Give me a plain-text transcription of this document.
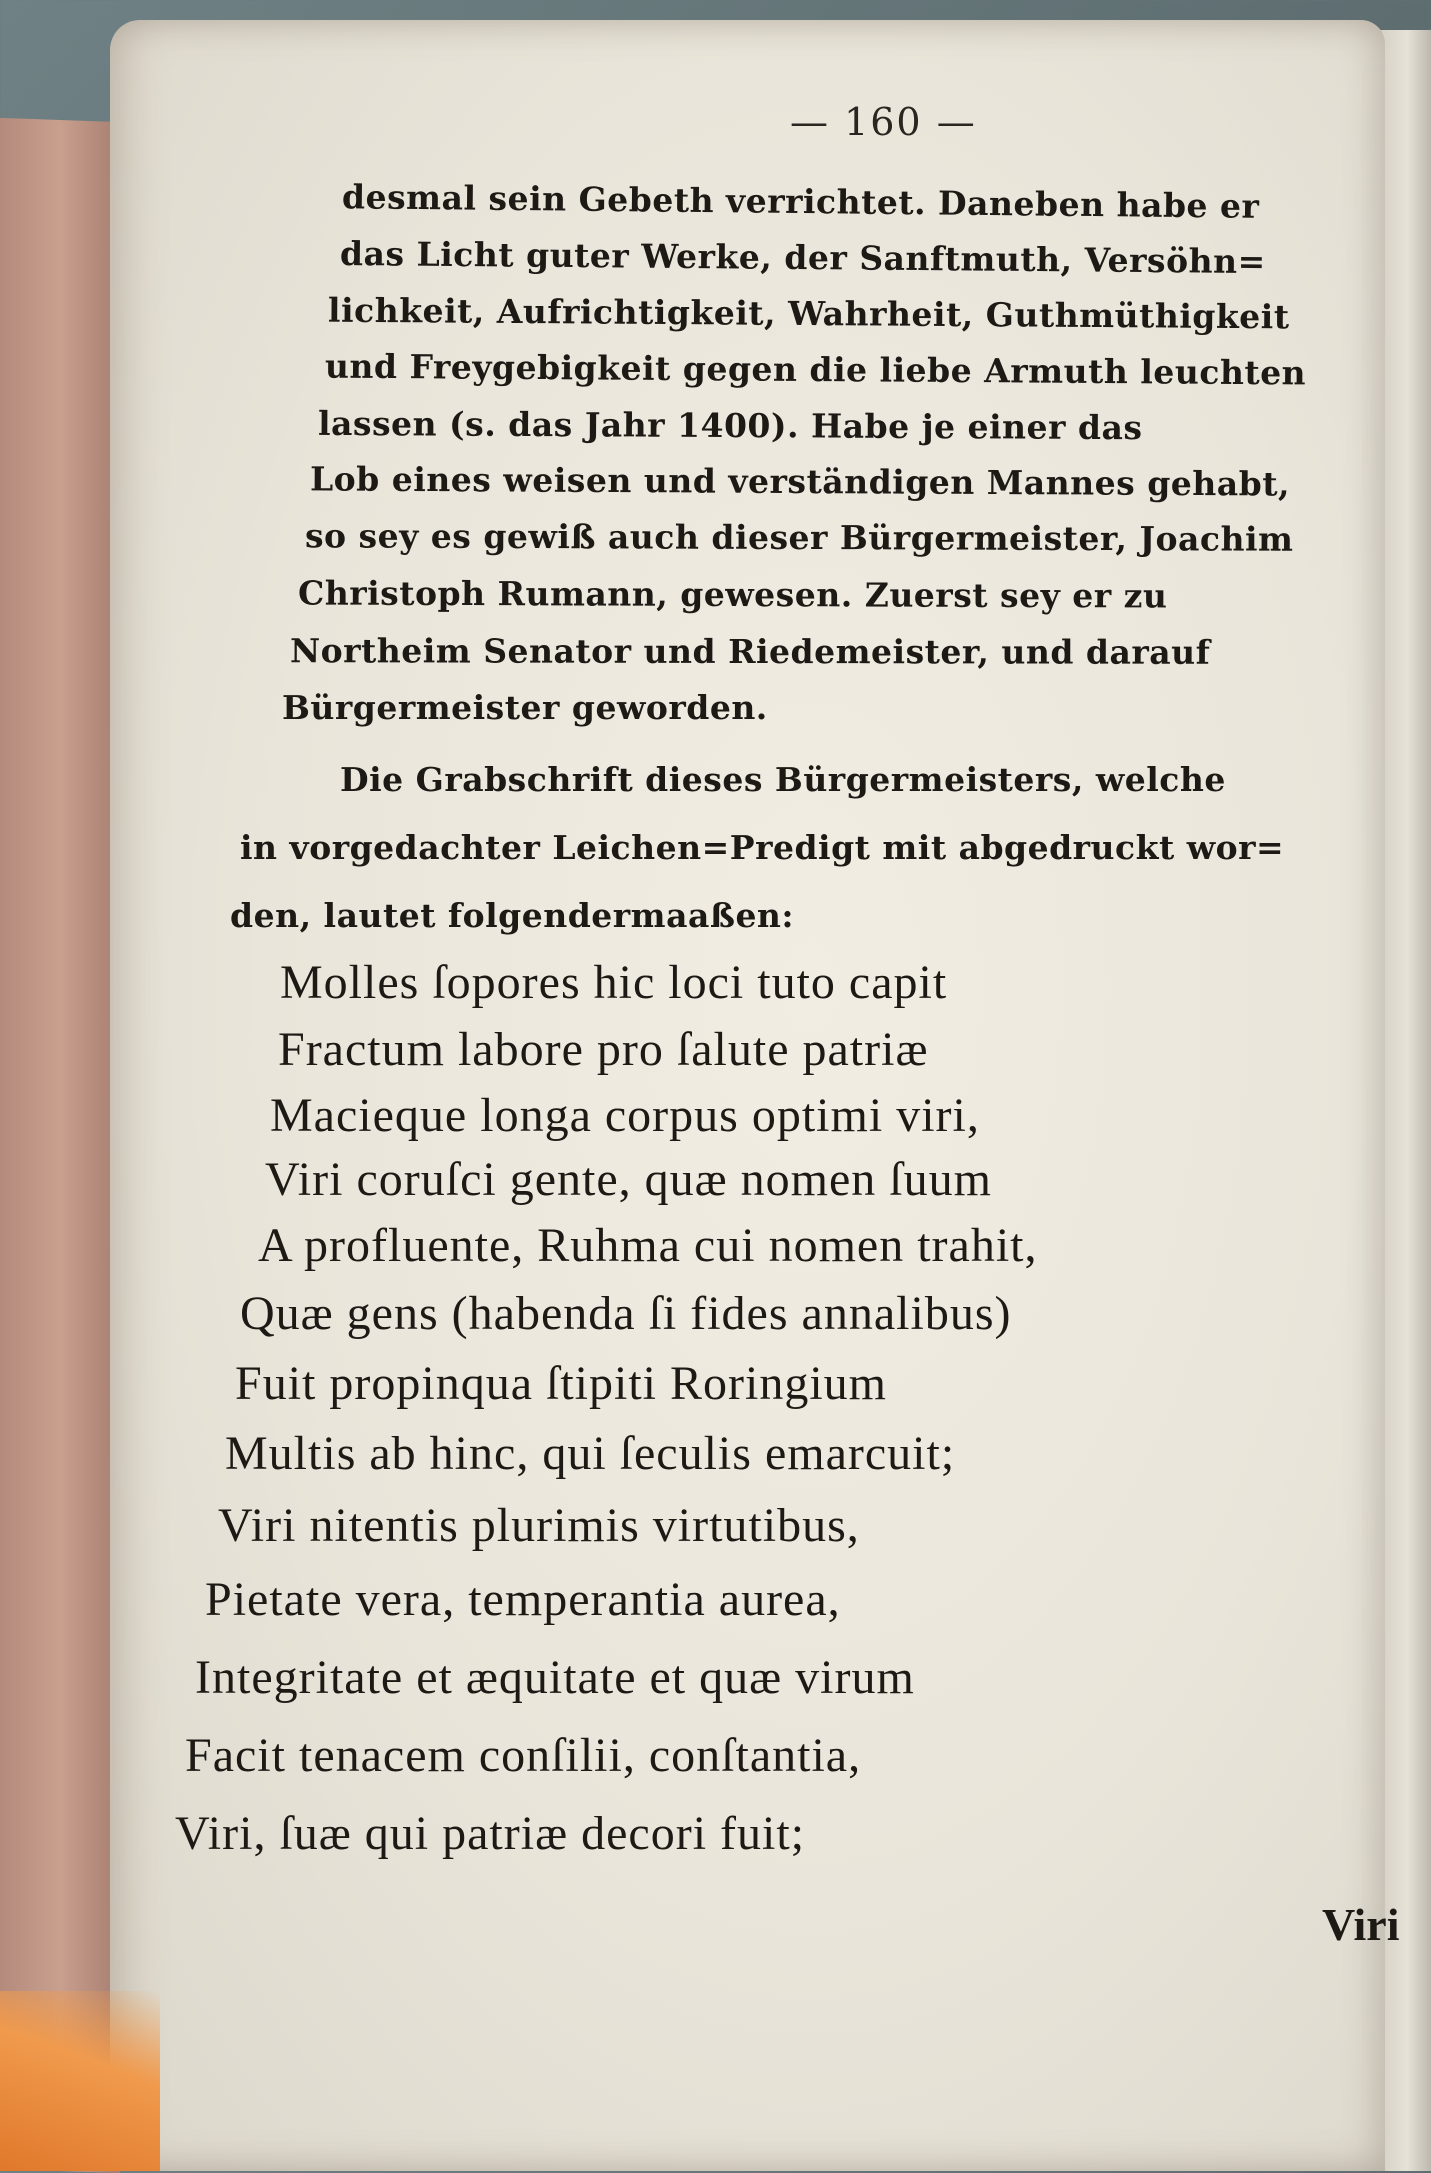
— 160 —
desmal sein Gebeth verrichtet. Daneben habe er
das Licht guter Werke, der Sanftmuth, Versöhn=
lichkeit, Aufrichtigkeit, Wahrheit, Guthmüthigkeit
und Freygebigkeit gegen die liebe Armuth leuchten
lassen (s. das Jahr 1400). Habe je einer das
Lob eines weisen und verständigen Mannes gehabt,
so sey es gewiß auch dieser Bürgermeister, Joachim
Christoph Rumann, gewesen. Zuerst sey er zu
Northeim Senator und Riedemeister, und darauf
Bürgermeister geworden.
Die Grabschrift dieses Bürgermeisters, welche
in vorgedachter Leichen=Predigt mit abgedruckt wor=
den, lautet folgendermaaßen:
Molles ſopores hic loci tuto capit
Fractum labore pro ſalute patriæ
Macieque longa corpus optimi viri,
Viri coruſci gente, quæ nomen ſuum
A profluente, Ruhma cui nomen trahit,
Quæ gens (habenda ſi fides annalibus)
Fuit propinqua ſtipiti Roringium
Multis ab hinc, qui ſeculis emarcuit;
Viri nitentis plurimis virtutibus,
Pietate vera, temperantia aurea,
Integritate et æquitate et quæ virum
Facit tenacem conſilii, conſtantia,
Viri, ſuæ qui patriæ decori fuit;
Viri
